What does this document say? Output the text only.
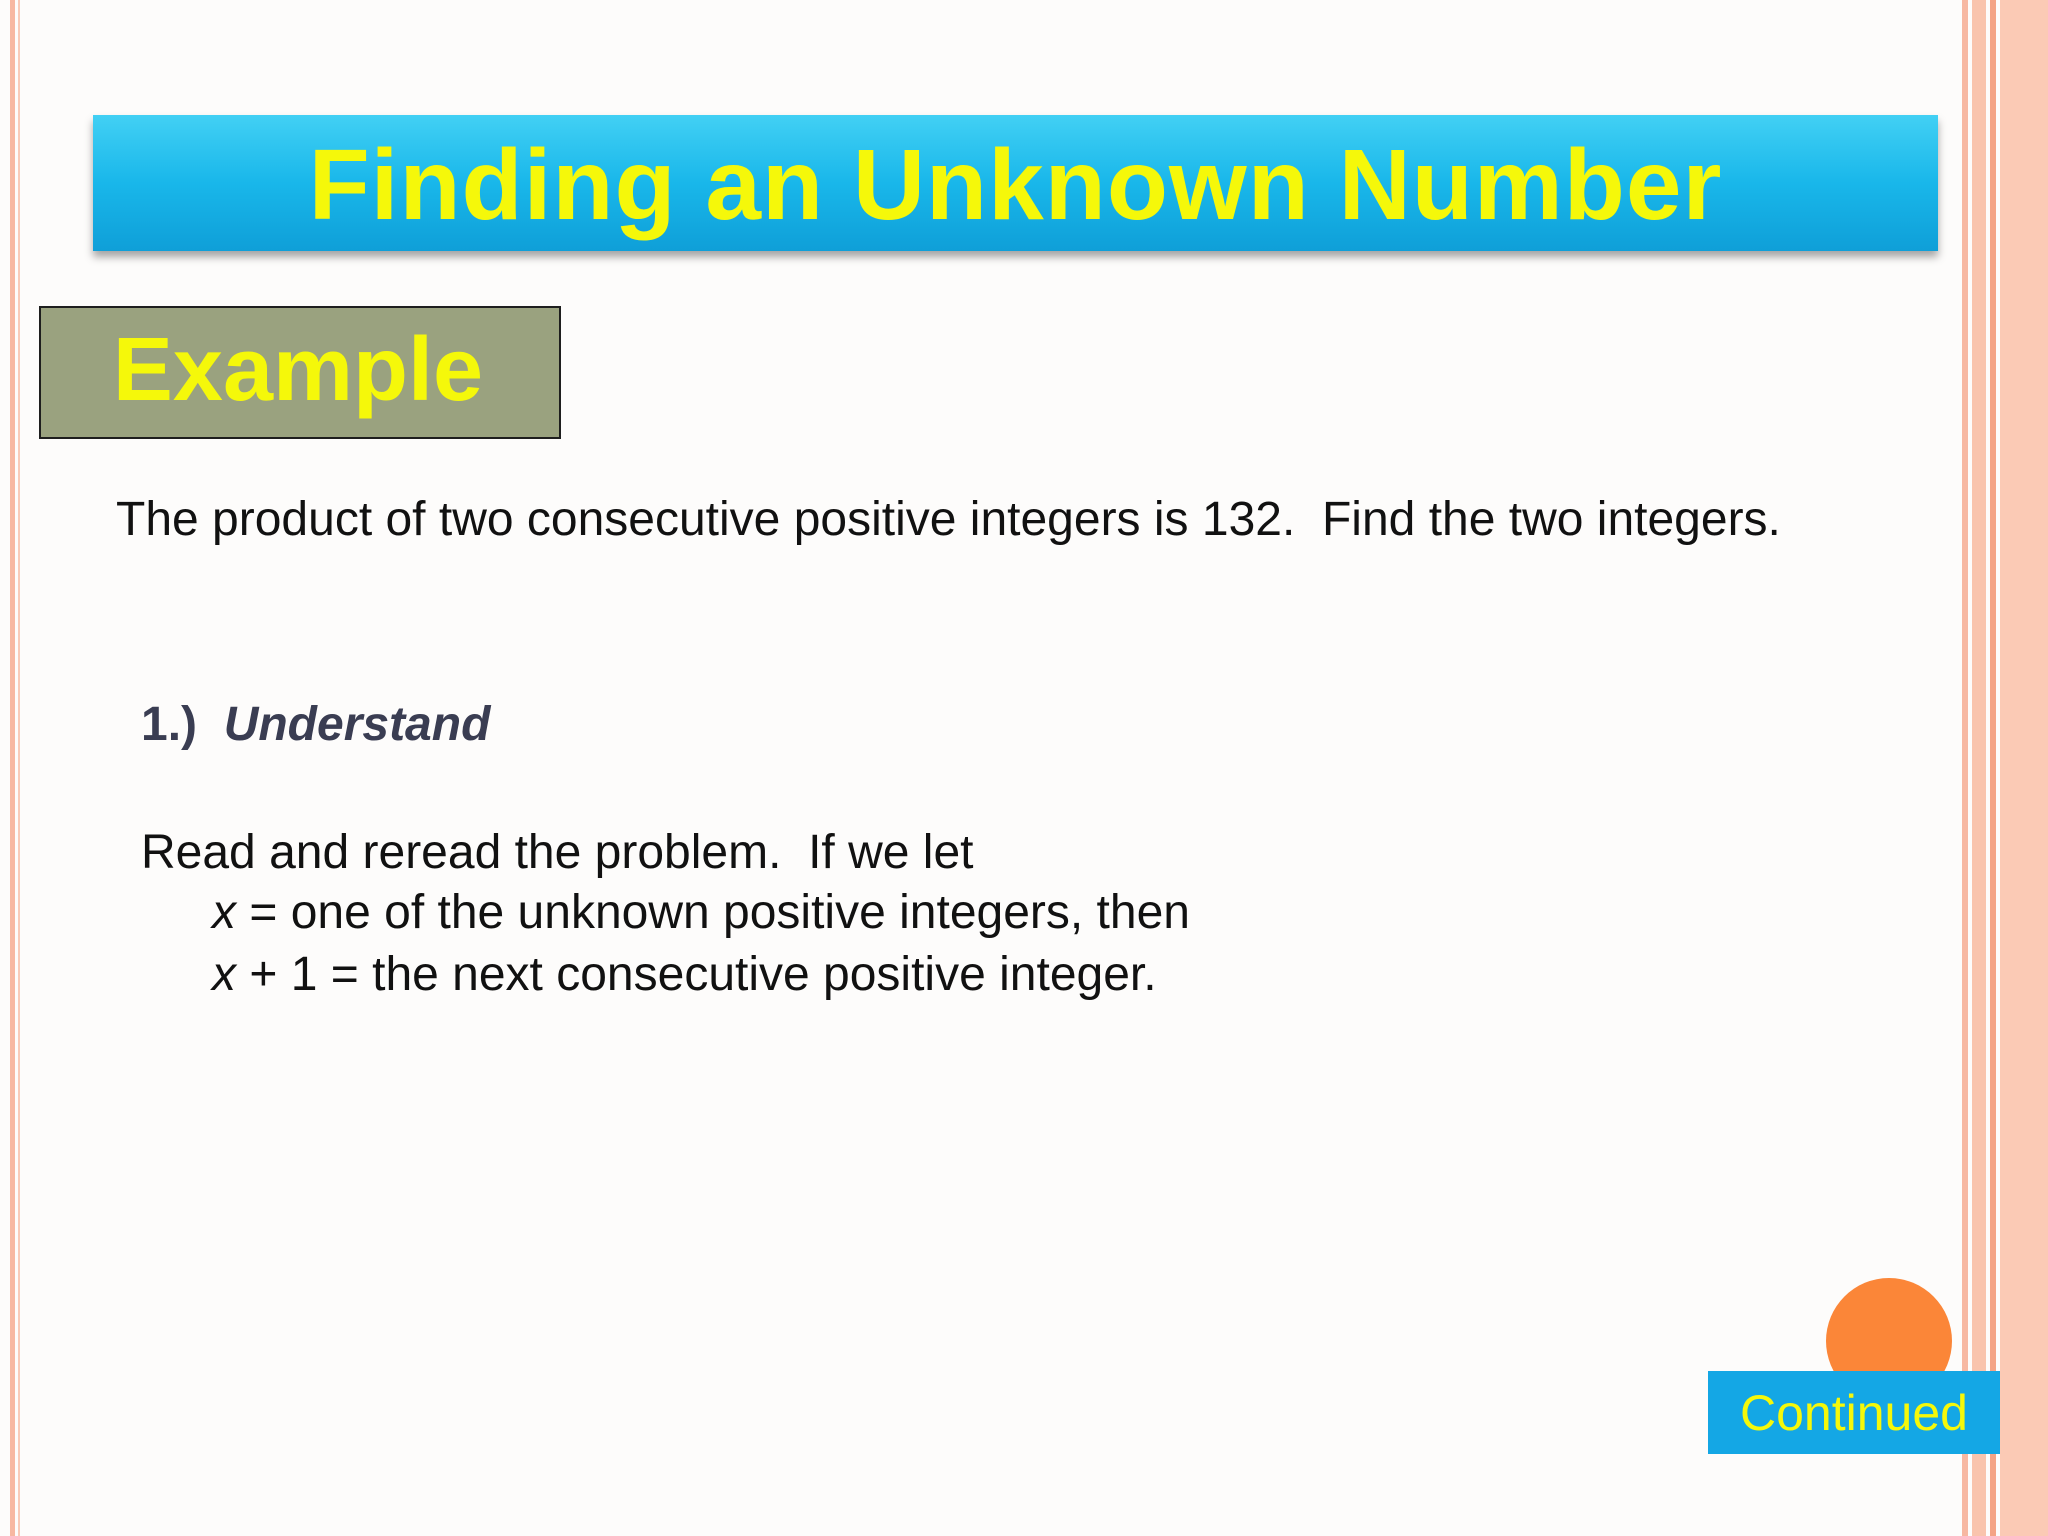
Finding an Unknown Number
Example
The product of two consecutive positive integers is 132.  Find the two integers.
1.) Understand
Read and reread the problem.  If we let
x = one of the unknown positive integers, then
x + 1 = the next consecutive positive integer.
Continued
